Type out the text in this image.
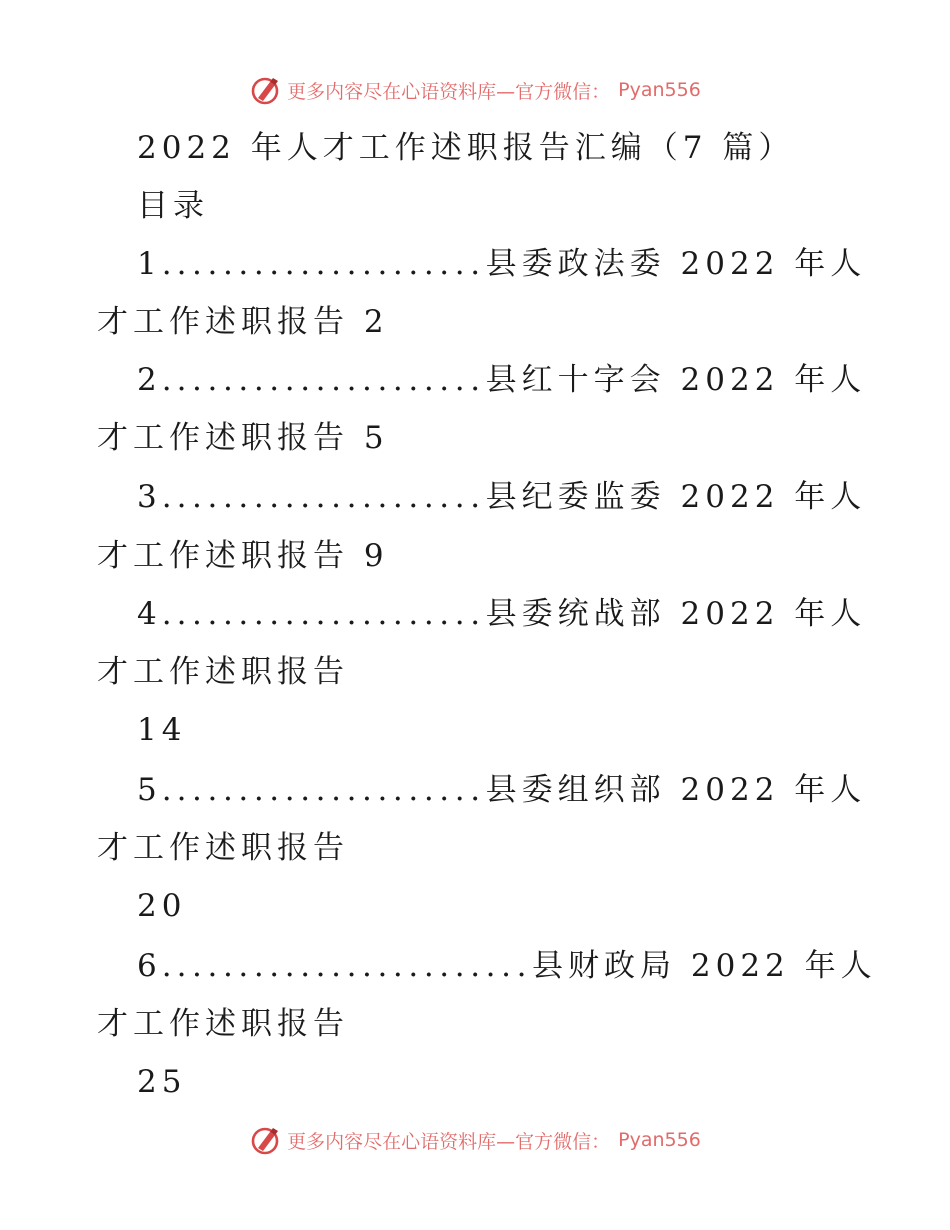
更多内容尽在心语资料库—官方微信： Pyan556
2022 年人才工作述职报告汇编（7 篇）
目录
1.....................县委政法委 2022 年人
才工作述职报告 2
2.....................县红十字会 2022 年人
才工作述职报告 5
3.....................县纪委监委 2022 年人
才工作述职报告 9
4.....................县委统战部 2022 年人
才工作述职报告
14
5.....................县委组织部 2022 年人
才工作述职报告
20
6........................县财政局 2022 年人
才工作述职报告
25
更多内容尽在心语资料库—官方微信： Pyan556
